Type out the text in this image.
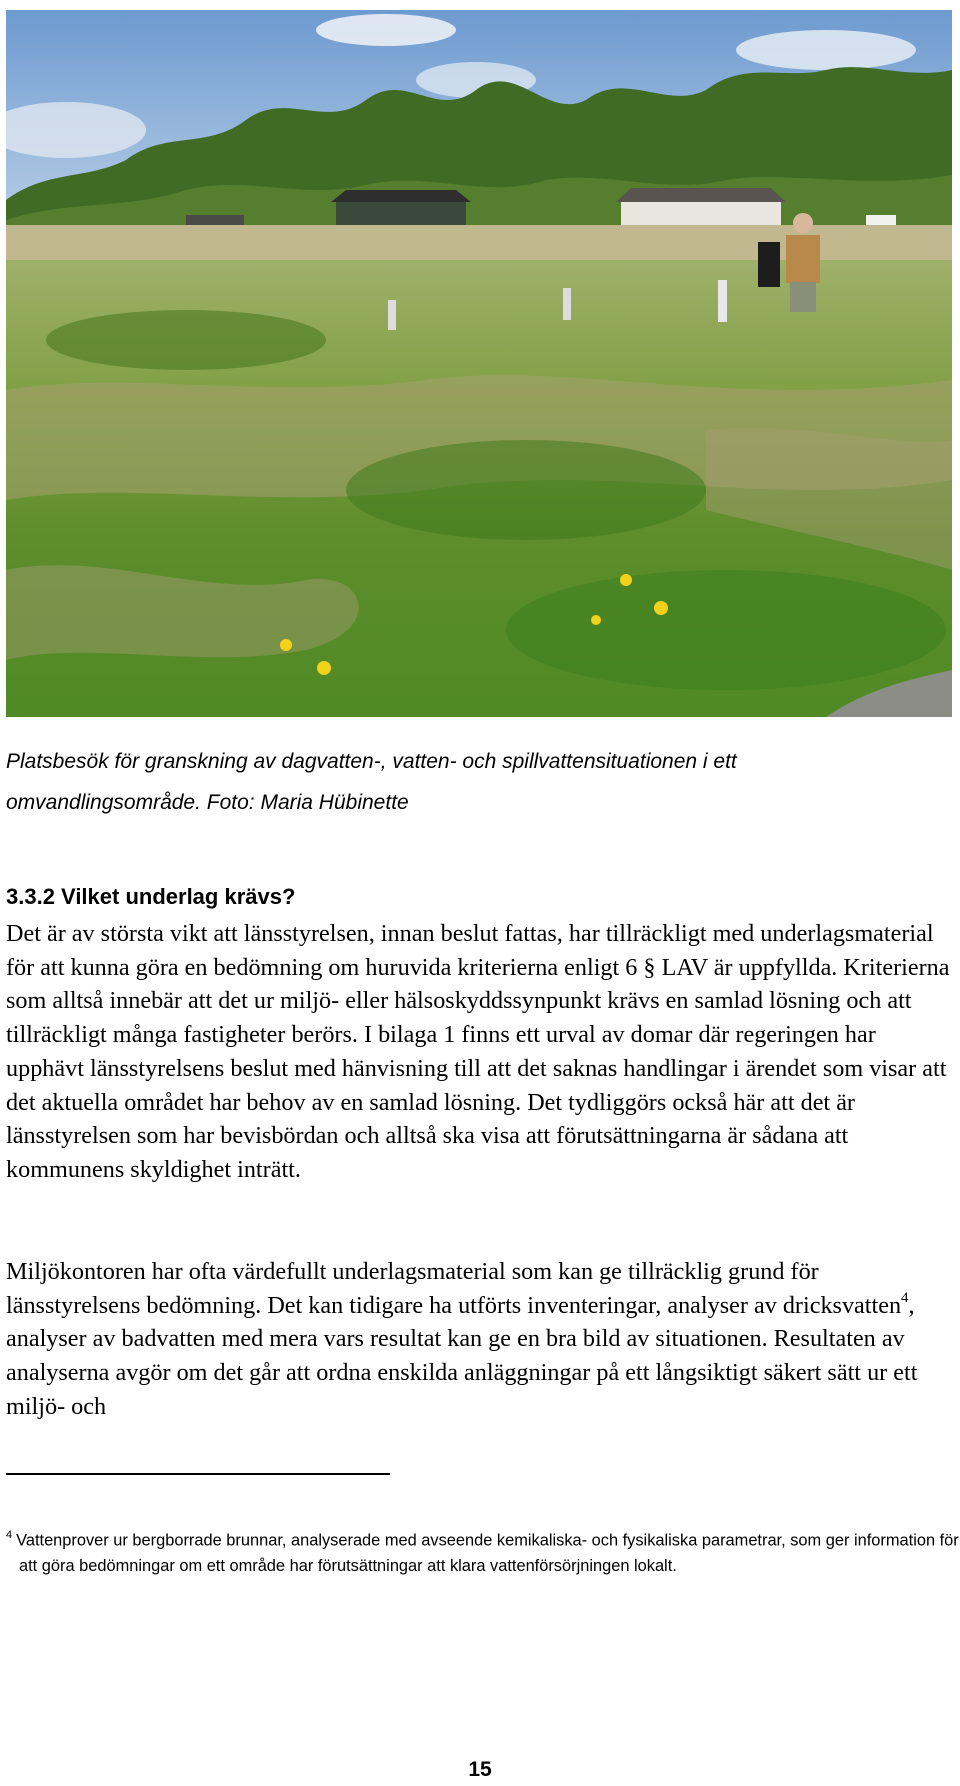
Platsbesök för granskning av dagvatten-, vatten- och spillvattensituationen i ett omvandlingsområde. Foto: Maria Hübinette
3.3.2 Vilket underlag krävs?
Det är av största vikt att länsstyrelsen, innan beslut fattas, har tillräckligt med underlagsmaterial för att kunna göra en bedömning om huruvida kriterierna enligt 6 § LAV är uppfyllda. Kriterierna som alltså innebär att det ur miljö- eller hälsoskyddssynpunkt krävs en samlad lösning och att tillräckligt många fastigheter berörs. I bilaga 1 finns ett urval av domar där regeringen har upphävt länsstyrelsens beslut med hänvisning till att det saknas handlingar i ärendet som visar att det aktuella området har behov av en samlad lösning. Det tydliggörs också här att det är länsstyrelsen som har bevisbördan och alltså ska visa att förutsättningarna är sådana att kommunens skyldighet inträtt.
Miljökontoren har ofta värdefullt underlagsmaterial som kan ge tillräcklig grund för länsstyrelsens bedömning. Det kan tidigare ha utförts inventeringar, analyser av dricksvatten$^4$, analyser av badvatten med mera vars resultat kan ge en bra bild av situationen. Resultaten av analyserna avgör om det går att ordna enskilda anläggningar på ett långsiktigt säkert sätt ur ett miljö- och
$^4$ Vattenprover ur bergborrade brunnar, analyserade med avseende kemikaliska- och fysikaliska parametrar, som ger information för att göra bedömningar om ett område har förutsättningar att klara vattenförsörjningen lokalt.
15
